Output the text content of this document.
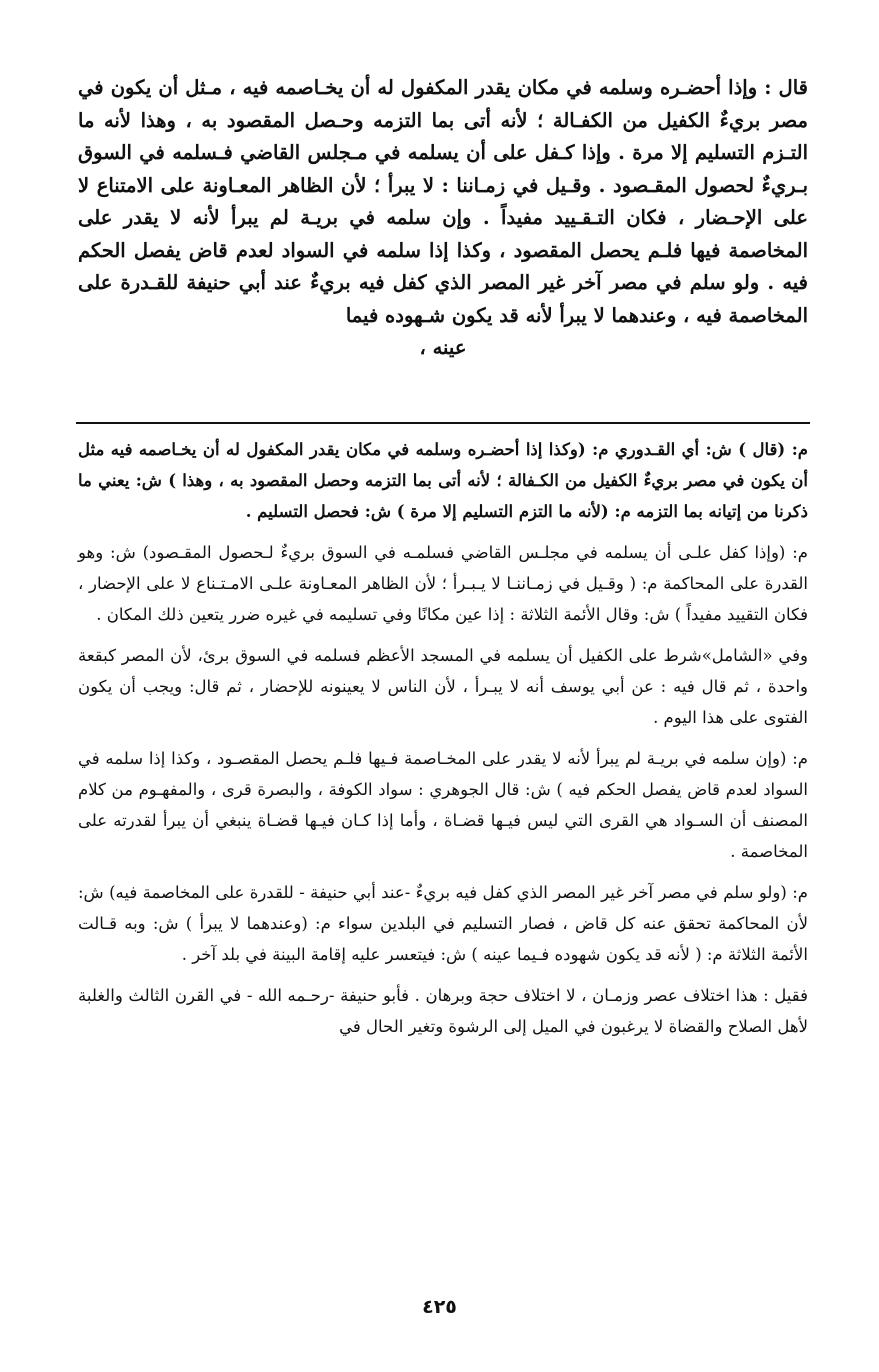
قال : وإذا أحضـره وسلمه في مكان يقدر المكفول له أن يخـاصمه فيه ، مـثل أن يكون في مصر بريءٌ الكفيل من الكفـالة ؛ لأنه أتى بما التزمه وحـصل المقصود به ، وهذا لأنه ما التـزم التسليم إلا مرة . وإذا كـفل على أن يسلمه في مـجلس القاضي فـسلمه في السوق بـريءٌ لحصول المقـصود . وقـيل في زمـاننا : لا يبرأ ؛ لأن الظاهر المعـاونة على الامتناع لا على الإحـضار ، فكان التـقـييد مفيداً . وإن سلمه في بريـة لم يبرأ لأنه لا يقدر على المخاصمة فيها فلـم يحصل المقصود ، وكذا إذا سلمه في السواد لعدم قاض يفصل الحكم فيه . ولو سلم في مصر آخر غير المصر الذي كفل فيه بريءٌ عند أبي حنيفة للقـدرة على المخاصمة فيه ، وعندهما لا يبرأ لأنه قد يكون شـهوده فيما
عينه ،

م: (قال ) ش: أي القـدوري م: (وكذا إذا أحضـره وسلمه في مكان يقدر المكفول له أن يخـاصمه فيه مثل أن يكون في مصر بريءٌ الكفيل من الكـفالة ؛ لأنه أتى بما التزمه وحصل المقصود به ، وهذا ) ش: يعني ما ذكرنا من إتيانه بما التزمه م: (لأنه ما التزم التسليم إلا مرة ) ش: فحصل التسليم .

م: (وإذا كفل علـى أن يسلمه في مجلـس القاضي فسلمـه في السوق بريءٌ لـحصول المقـصود) ش: وهو القدرة على المحاكمة م: ( وقـيل في زمـاننـا لا يـبـرأ ؛ لأن الظاهر المعـاونة علـى الامـتـناع لا على الإحضار ، فكان التقييد مفيداً ) ش: وقال الأئمة الثلاثة : إذا عين مكانًا وفي تسليمه في غيره ضرر يتعين ذلك المكان .

وفي «الشامل»شرط على الكفيل أن يسلمه في المسجد الأعظم فسلمه في السوق برئ، لأن المصر كبقعة واحدة ، ثم قال فيه : عن أبي يوسف أنه لا يبـرأ ، لأن الناس لا يعينونه للإحضار ، ثم قال: ويجب أن يكون الفتوى على هذا اليوم .

م: (وإن سلمه في بريـة لم يبرأ لأنه لا يقدر على المخـاصمة فـيها فلـم يحصل المقصـود ، وكذا إذا سلمه في السواد لعدم قاض يفصل الحكم فيه ) ش: قال الجوهري : سواد الكوفة ، والبصرة قرى ، والمفهـوم من كلام المصنف أن السـواد هي القرى التي ليس فيـها قضـاة ، وأما إذا كـان فيـها قضـاة ينبغي أن يبرأ لقدرته على المخاصمة .

م: (ولو سلم في مصر آخر غير المصر الذي كفل فيه بريءٌ -عند أبي حنيفة - للقدرة على المخاصمة فيه) ش: لأن المحاكمة تحقق عنه كل قاض ، فصار التسليم في البلدين سواء م: (وعندهما لا يبرأ ) ش: وبه قـالت الأئمة الثلاثة م: ( لأنه قد يكون شهوده فـيما عينه ) ش: فيتعسر عليه إقامة البينة في بلد آخر .

فقيل : هذا اختلاف عصر وزمـان ، لا اختلاف حجة وبرهان . فأبو حنيفة -رحـمه الله - في القرن الثالث والغلبة لأهل الصلاح والقضاة لا يرغبون في الميل إلى الرشوة وتغير الحال في

٤٢٥
